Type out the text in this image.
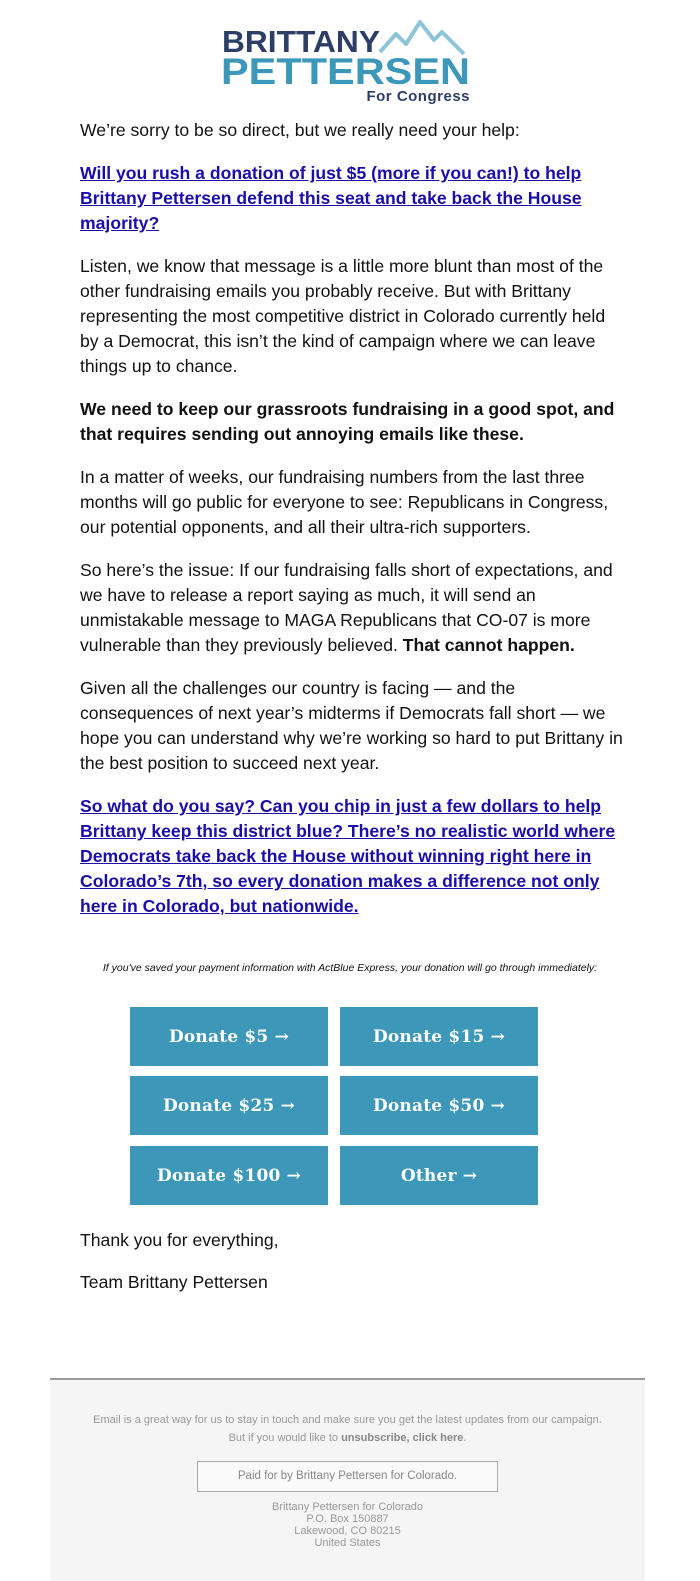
BRITTANY
PETTERSEN
For Congress

We’re sorry to be so direct, but we really need your help:

Will you rush a donation of just $5 (more if you can!) to help Brittany Pettersen defend this seat and take back the House majority?

Listen, we know that message is a little more blunt than most of the other fundraising emails you probably receive. But with Brittany representing the most competitive district in Colorado currently held by a Democrat, this isn’t the kind of campaign where we can leave things up to chance.

We need to keep our grassroots fundraising in a good spot, and that requires sending out annoying emails like these.

In a matter of weeks, our fundraising numbers from the last three months will go public for everyone to see: Republicans in Congress, our potential opponents, and all their ultra-rich supporters.

So here’s the issue: If our fundraising falls short of expectations, and we have to release a report saying as much, it will send an unmistakable message to MAGA Republicans that CO-07 is more vulnerable than they previously believed. That cannot happen.

Given all the challenges our country is facing — and the consequences of next year’s midterms if Democrats fall short — we hope you can understand why we’re working so hard to put Brittany in the best position to succeed next year.

So what do you say? Can you chip in just a few dollars to help Brittany keep this district blue? There’s no realistic world where Democrats take back the House without winning right here in Colorado’s 7th, so every donation makes a difference not only here in Colorado, but nationwide.

If you've saved your payment information with ActBlue Express, your donation will go through immediately:
Donate $5 →	Donate $15 →
Donate $25 →	Donate $50 →
Donate $100 →	Other →
Thank you for everything,
Team Brittany Pettersen
Email is a great way for us to stay in touch and make sure you get the latest updates from our campaign.
But if you would like to unsubscribe, click here.
Paid for by Brittany Pettersen for Colorado.
Brittany Pettersen for Colorado
P.O. Box 150887
Lakewood, CO 80215
United States
